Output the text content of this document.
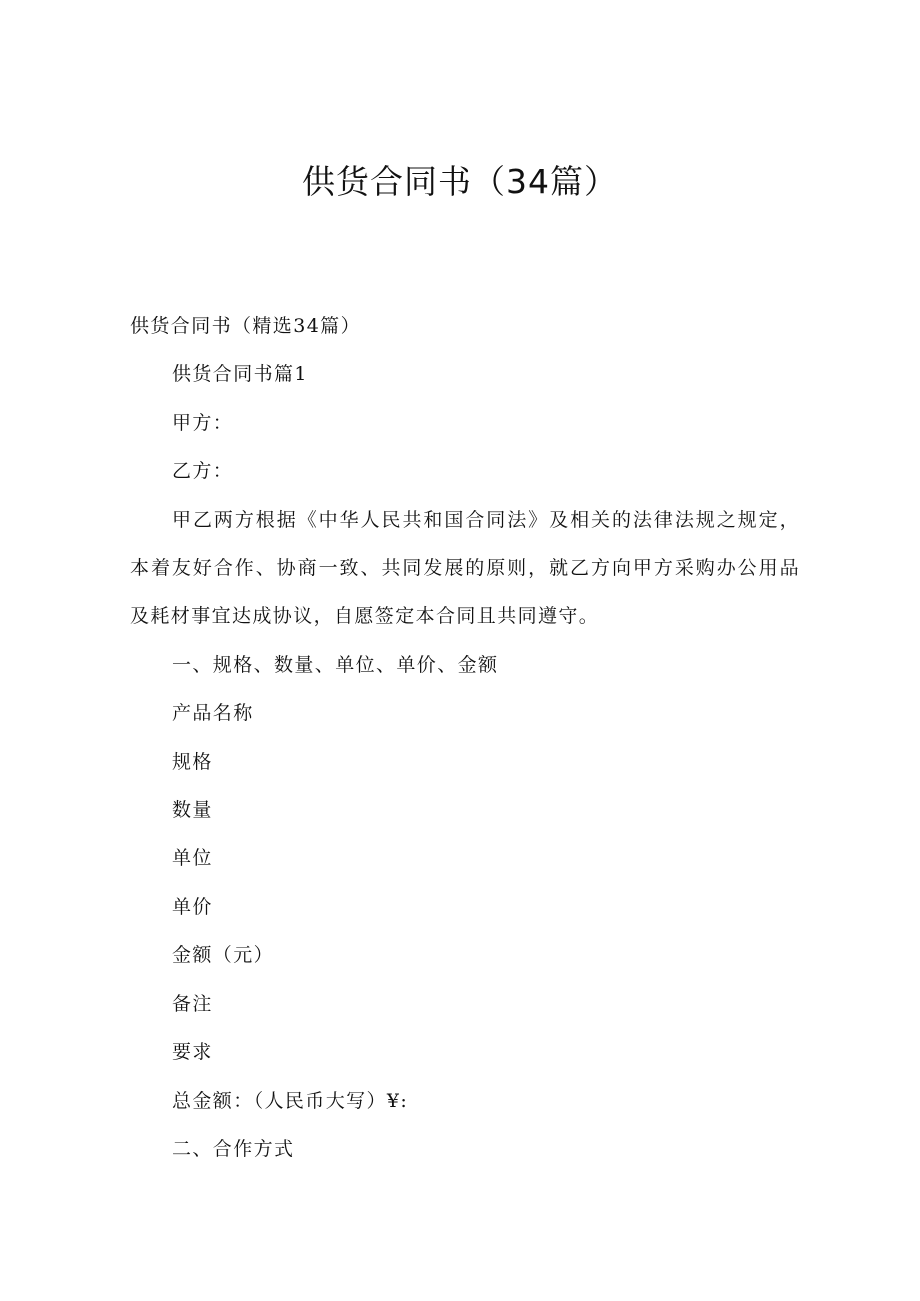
供货合同书（34篇）

供货合同书（精选34篇）

供货合同书篇1

甲方：

乙方：

甲乙两方根据《中华人民共和国合同法》及相关的法律法规之规定，本着友好合作、协商一致、共同发展的原则，就乙方向甲方采购办公用品及耗材事宜达成协议，自愿签定本合同且共同遵守。

一、规格、数量、单位、单价、金额

产品名称

规格

数量

单位

单价

金额（元）

备注

要求

总金额：（人民币大写）¥:

二、合作方式
